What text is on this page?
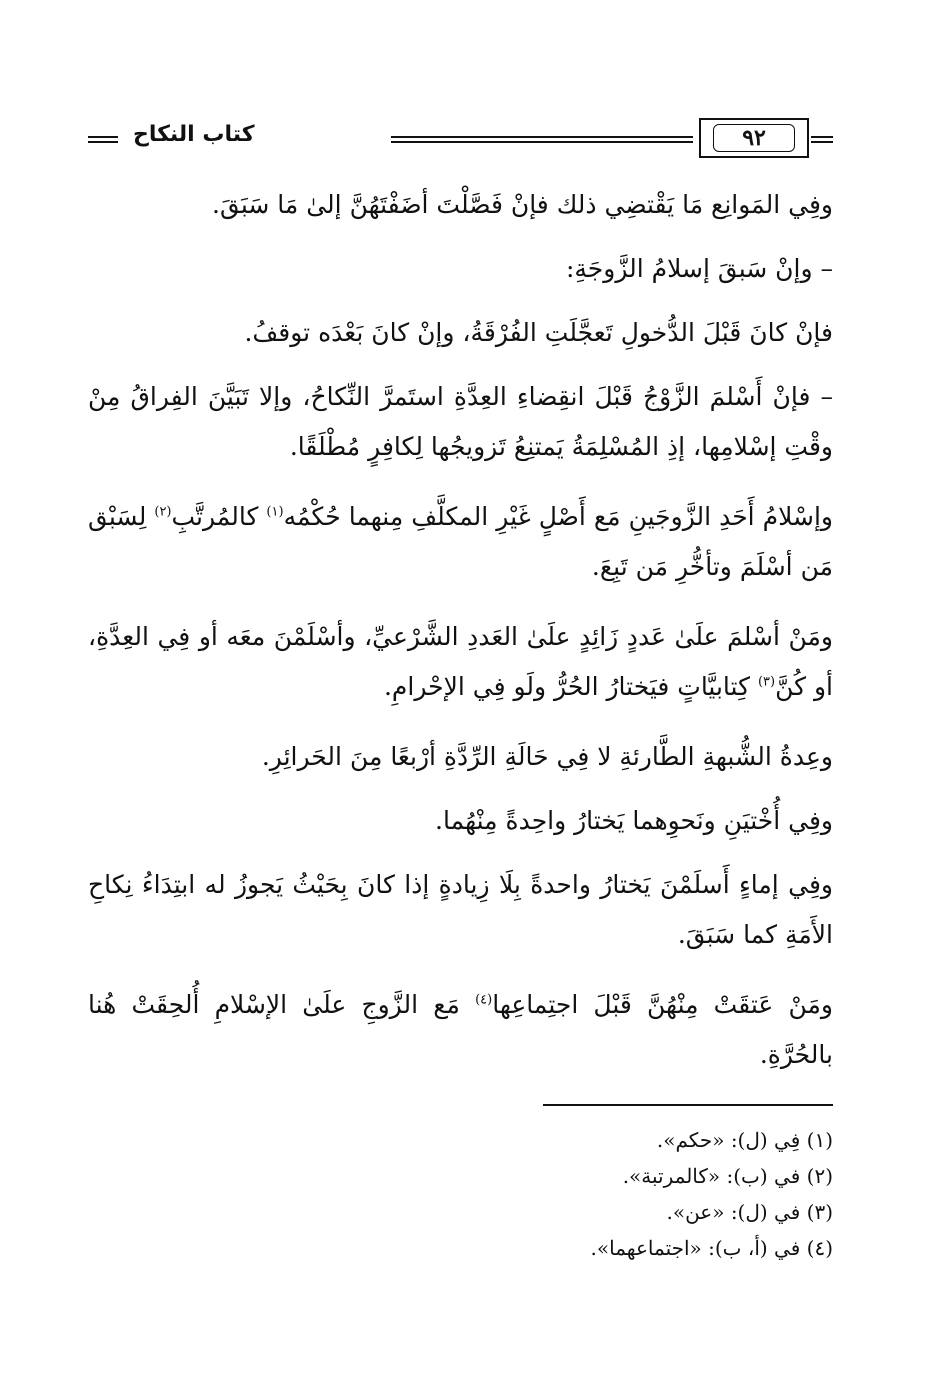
٩٢
كتاب النكاح

وفِي المَوانِع مَا يَقْتضِي ذلك فإنْ فَصَّلْتَ أضَفْتَهُنَّ إلىٰ مَا سَبَقَ.

– وإنْ سَبقَ إسلامُ الزَّوجَةِ:

فإنْ كانَ قَبْلَ الدُّخولِ تَعجَّلَتِ الفُرْقَةُ، وإنْ كانَ بَعْدَه توقفُ.

– فإنْ أَسْلمَ الزَّوْجُ قَبْلَ انقِضاءِ العِدَّةِ استَمرَّ النِّكاحُ، وإلا تَبَيَّنَ الفِراقُ مِنْ وقْتِ إسْلامِها، إذِ المُسْلِمَةُ يَمتنِعُ تَزويجُها لِكافِرٍ مُطْلَقًا.

وإسْلامُ أَحَدِ الزَّوجَينِ مَع أَصْلٍ غَيْرِ المكلَّفِ مِنهما حُكْمُه$^{(١)}$ كالمُرتَّبِ$^{(٢)}$ لِسَبْق مَن أسْلَمَ وتأخُّرِ مَن تَبِعَ.

ومَنْ أسْلمَ علَىٰ عَددٍ زَائِدٍ علَىٰ العَددِ الشَّرْعيِّ، وأسْلَمْنَ معَه أو فِي العِدَّةِ، أو كُنَّ$^{(٣)}$ كِتابيَّاتٍ فيَختارُ الحُرُّ ولَو فِي الإحْرامِ.

وعِدةُ الشُّبهةِ الطَّارئةِ لا فِي حَالَةِ الرِّدَّةِ أرْبعًا مِنَ الحَرائِرِ.

وفِي أُخْتيَنِ ونَحوِهما يَختارُ واحِدةً مِنْهُما.

وفِي إماءٍ أَسلَمْنَ يَختارُ واحدةً بِلَا زِيادةٍ إذا كانَ بِحَيْثُ يَجوزُ له ابتِدَاءُ نِكاحِ الأَمَةِ كما سَبَقَ.

ومَنْ عَتقَتْ مِنْهُنَّ قَبْلَ اجتِماعِها$^{(٤)}$ مَع الزَّوجِ علَىٰ الإسْلامِ أُلحِقَتْ هُنا بالحُرَّةِ.

(١) فِي (ل): «حكم».

(٢) في (ب): «كالمرتبة».

(٣) في (ل): «عن».

(٤) في (أ، ب): «اجتماعهما».
